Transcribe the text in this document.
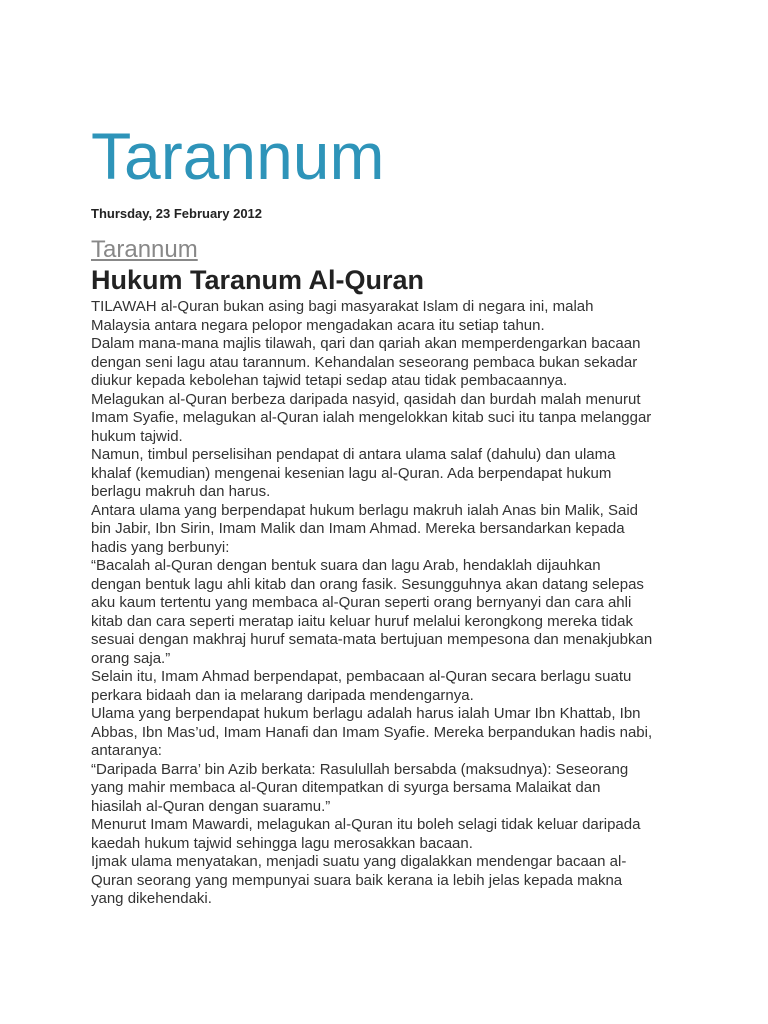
Tarannum
Thursday, 23 February 2012
Tarannum
Hukum Taranum Al-Quran

TILAWAH al-Quran bukan asing bagi masyarakat Islam di negara ini, malah
Malaysia antara negara pelopor mengadakan acara itu setiap tahun.

Dalam mana-mana majlis tilawah, qari dan qariah akan memperdengarkan bacaan
dengan seni lagu atau tarannum. Kehandalan seseorang pembaca bukan sekadar
diukur kepada kebolehan tajwid tetapi sedap atau tidak pembacaannya.

Melagukan al-Quran berbeza daripada nasyid, qasidah dan burdah malah menurut
Imam Syafie, melagukan al-Quran ialah mengelokkan kitab suci itu tanpa melanggar
hukum tajwid.

Namun, timbul perselisihan pendapat di antara ulama salaf (dahulu) dan ulama
khalaf (kemudian) mengenai kesenian lagu al-Quran. Ada berpendapat hukum
berlagu makruh dan harus.

Antara ulama yang berpendapat hukum berlagu makruh ialah Anas bin Malik, Said
bin Jabir, Ibn Sirin, Imam Malik dan Imam Ahmad. Mereka bersandarkan kepada
hadis yang berbunyi:

“Bacalah al-Quran dengan bentuk suara dan lagu Arab, hendaklah dijauhkan
dengan bentuk lagu ahli kitab dan orang fasik. Sesungguhnya akan datang selepas
aku kaum tertentu yang membaca al-Quran seperti orang bernyanyi dan cara ahli
kitab dan cara seperti meratap iaitu keluar huruf melalui kerongkong mereka tidak
sesuai dengan makhraj huruf semata-mata bertujuan mempesona dan menakjubkan
orang saja.”

Selain itu, Imam Ahmad berpendapat, pembacaan al-Quran secara berlagu suatu
perkara bidaah dan ia melarang daripada mendengarnya.

Ulama yang berpendapat hukum berlagu adalah harus ialah Umar Ibn Khattab, Ibn
Abbas, Ibn Mas’ud, Imam Hanafi dan Imam Syafie. Mereka berpandukan hadis nabi,
antaranya:

“Daripada Barra’ bin Azib berkata: Rasulullah bersabda (maksudnya): Seseorang
yang mahir membaca al-Quran ditempatkan di syurga bersama Malaikat dan
hiasilah al-Quran dengan suaramu.”

Menurut Imam Mawardi, melagukan al-Quran itu boleh selagi tidak keluar daripada
kaedah hukum tajwid sehingga lagu merosakkan bacaan.

Ijmak ulama menyatakan, menjadi suatu yang digalakkan mendengar bacaan al-
Quran seorang yang mempunyai suara baik kerana ia lebih jelas kepada makna
yang dikehendaki.
